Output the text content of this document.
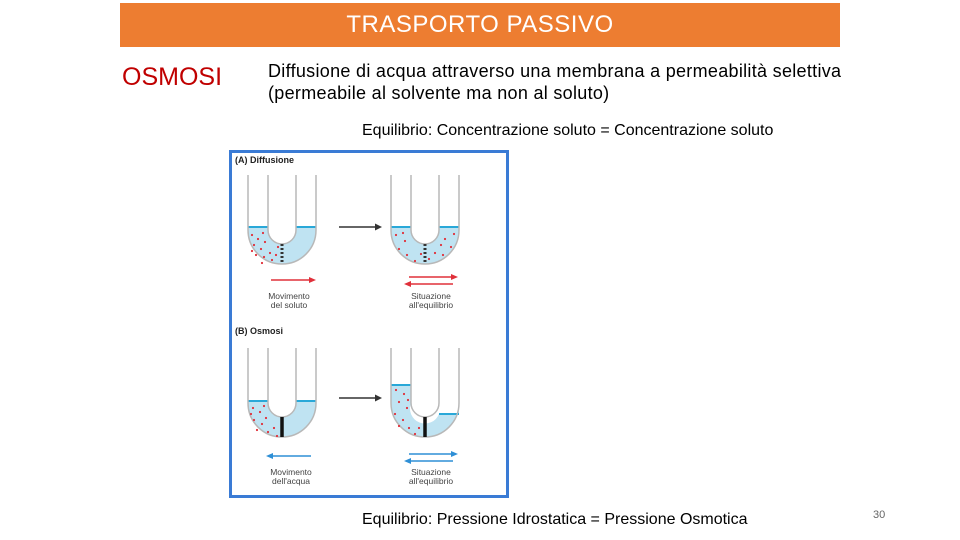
TRASPORTO PASSIVO
OSMOSI	Diffusione di acqua attraverso una membrana a permeabilità selettiva (permeabile al solvente ma non al soluto)
Equilibrio: Concentrazione soluto = Concentrazione soluto
(A) Diffusione
Movimento
del soluto
Situazione
all'equilibrio
(B) Osmosi
Movimento
dell'acqua
Situazione
all'equilibrio
Equilibrio: Pressione Idrostatica = Pressione Osmotica	30
